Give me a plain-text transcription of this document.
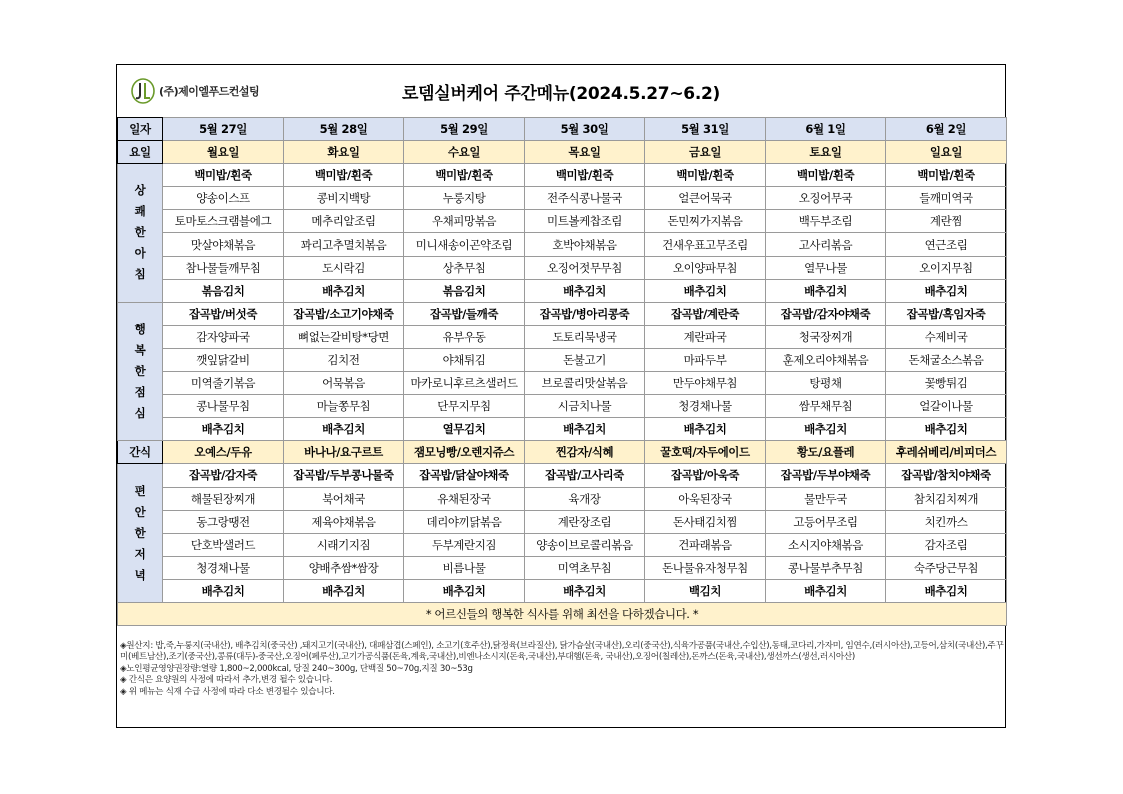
(주)제이엘푸드컨설팅	로뎀실버케어 주간메뉴(2024.5.27~6.2)
일자	5월 27일	5월 28일	5월 29일	5월 30일	5월 31일	6월 1일	6월 2일
요일	월요일	화요일	수요일	목요일	금요일	토요일	일요일

상
쾌
한
아
침	백미밥/흰죽	백미밥/흰죽	백미밥/흰죽	백미밥/흰죽	백미밥/흰죽	백미밥/흰죽	백미밥/흰죽
	양송이스프	콩비지백탕	누룽지탕	전주식콩나물국	얼큰어묵국	오징어무국	들깨미역국
	토마토스크램블에그	메추리알조림	우채피망볶음	미트볼케찹조림	돈민찌가지볶음	백두부조림	계란찜
	맛살야채볶음	꽈리고추멸치볶음	미니새송이곤약조림	호박야채볶음	건새우표고무조림	고사리볶음	연근조림
	참나물들깨무침	도시락김	상추무침	오징어젓무무침	오이양파무침	열무나물	오이지무침
	볶음김치	배추김치	볶음김치	배추김치	배추김치	배추김치	배추김치

행
복
한
점
심	잡곡밥/버섯죽	잡곡밥/소고기야채죽	잡곡밥/들깨죽	잡곡밥/병아리콩죽	잡곡밥/계란죽	잡곡밥/감자야채죽	잡곡밥/흑임자죽
	감자양파국	뼈없는갈비탕*당면	유부우동	도토리묵냉국	계란파국	청국장찌개	수제비국
	깻잎닭갈비	김치전	야채튀김	돈불고기	마파두부	훈제오리야채볶음	돈채굴소스볶음
	미역줄기볶음	어묵볶음	마카로니후르츠샐러드	브로콜리맛살볶음	만두야채무침	탕평채	꽃빵튀김
	콩나물무침	마늘쫑무침	단무지무침	시금치나물	청경채나물	쌈무채무침	얼갈이나물
	배추김치	배추김치	열무김치	배추김치	배추김치	배추김치	배추김치
간식	오예스/두유	바나나/요구르트	잼모닝빵/오렌지쥬스	찐감자/식혜	꿀호떡/자두에이드	황도/요플레	후레쉬베리/비피더스

편
안
한
저
녁	잡곡밥/감자죽	잡곡밥/두부콩나물죽	잡곡밥/닭살야채죽	잡곡밥/고사리죽	잡곡밥/아욱죽	잡곡밥/두부야채죽	잡곡밥/참치야채죽
	해물된장찌개	북어채국	유채된장국	육개장	아욱된장국	물만두국	참치김치찌개
	동그랑땡전	제육야채볶음	데리야끼닭볶음	계란장조림	돈사태김치찜	고등어무조림	치킨까스
	단호박샐러드	시래기지짐	두부계란지짐	양송이브로콜리볶음	건파래볶음	소시지야채볶음	감자조림
	청경채나물	양배추쌈*쌈장	비름나물	미역초무침	돈나물유자청무침	콩나물부추무침	숙주당근무침
	배추김치	배추김치	배추김치	배추김치	백김치	배추김치	배추김치
* 어르신들의 행복한 식사를 위해 최선을 다하겠습니다. *							
◈원산지: 밥,죽,누룽지(국내산), 배추김치(중국산) ,돼지고기(국내산), 대패삼겹(스페인), 소고기(호주산),닭정육(브라질산), 닭가슴살(국내산),오리(중국산),식육가공품(국내산,수입산),동태,코다리,가자미, 임연수,(러시아산),고등어,삼치(국내산),주꾸미(베트남산),조기(중국산),콩류(대두)-중국산,오징어(페루산),고기가공식품(돈육,계육,국내산),비엔나소시지(돈육,국내산),부대햄(돈육, 국내산),오징어(칠레산),돈까스(돈육,국내산),생선까스(생선,러시아산)
◈노인평균영양권장량:열량 1,800~2,000kcal, 당질 240~300g, 단백질 50~70g,지질 30~53g
◈ 간식은 요양원의 사정에 따라서 추가,변경 될수 있습니다.
◈ 위 메뉴는 식재 수급 사정에 따라 다소 변경될수 있습니다.
